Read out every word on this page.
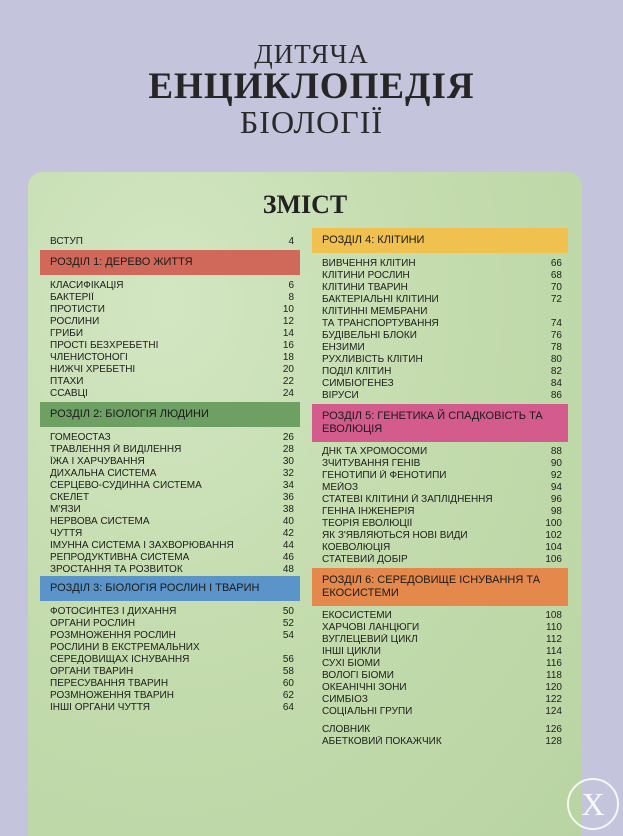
ДИТЯЧА
ЕНЦИКЛОПЕДІЯ
БІОЛОГІЇ
ЗМІСТ
ВСТУП	4
РОЗДІЛ 1: ДЕРЕВО ЖИТТЯ
КЛАСИФІКАЦІЯ	6
БАКТЕРІЇ	8
ПРОТИСТИ	10
РОСЛИНИ	12
ГРИБИ	14
ПРОСТІ БЕЗХРЕБЕТНІ	16
ЧЛЕНИСТОНОГІ	18
НИЖЧІ ХРЕБЕТНІ	20
ПТАХИ	22
ССАВЦІ	24
РОЗДІЛ 2: БІОЛОГІЯ ЛЮДИНИ
ГОМЕОСТАЗ	26
ТРАВЛЕННЯ Й ВИДІЛЕННЯ	28
ЇЖА І ХАРЧУВАННЯ	30
ДИХАЛЬНА СИСТЕМА	32
СЕРЦЕВО-СУДИННА СИСТЕМА	34
СКЕЛЕТ	36
М'ЯЗИ	38
НЕРВОВА СИСТЕМА	40
ЧУТТЯ	42
ІМУННА СИСТЕМА І ЗАХВОРЮВАННЯ	44
РЕПРОДУКТИВНА СИСТЕМА	46
ЗРОСТАННЯ ТА РОЗВИТОК	48
РОЗДІЛ 3: БІОЛОГІЯ РОСЛИН І ТВАРИН
ФОТОСИНТЕЗ І ДИХАННЯ	50
ОРГАНИ РОСЛИН	52
РОЗМНОЖЕННЯ РОСЛИН	54
РОСЛИНИ В ЕКСТРЕМАЛЬНИХ
СЕРЕДОВИЩАХ ІСНУВАННЯ	56
ОРГАНИ ТВАРИН	58
ПЕРЕСУВАННЯ ТВАРИН	60
РОЗМНОЖЕННЯ ТВАРИН	62
ІНШІ ОРГАНИ ЧУТТЯ	64
РОЗДІЛ 4: КЛІТИНИ
ВИВЧЕННЯ КЛІТИН	66
КЛІТИНИ РОСЛИН	68
КЛІТИНИ ТВАРИН	70
БАКТЕРІАЛЬНІ КЛІТИНИ	72
КЛІТИННІ МЕМБРАНИ
ТА ТРАНСПОРТУВАННЯ	74
БУДІВЕЛЬНІ БЛОКИ	76
ЕНЗИМИ	78
РУХЛИВІСТЬ КЛІТИН	80
ПОДІЛ КЛІТИН	82
СИМБІОГЕНЕЗ	84
ВІРУСИ	86
РОЗДІЛ 5: ГЕНЕТИКА Й СПАДКОВІСТЬ ТА ЕВОЛЮЦІЯ
ДНК ТА ХРОМОСОМИ	88
ЗЧИТУВАННЯ ГЕНІВ	90
ГЕНОТИПИ Й ФЕНОТИПИ	92
МЕЙОЗ	94
СТАТЕВІ КЛІТИНИ Й ЗАПЛІДНЕННЯ	96
ГЕННА ІНЖЕНЕРІЯ	98
ТЕОРІЯ ЕВОЛЮЦІЇ	100
ЯК З'ЯВЛЯЮТЬСЯ НОВІ ВИДИ	102
КОЕВОЛЮЦІЯ	104
СТАТЕВИЙ ДОБІР	106
РОЗДІЛ 6: СЕРЕДОВИЩЕ ІСНУВАННЯ ТА ЕКОСИСТЕМИ
ЕКОСИСТЕМИ	108
ХАРЧОВІ ЛАНЦЮГИ	110
ВУГЛЕЦЕВИЙ ЦИКЛ	112
ІНШІ ЦИКЛИ	114
СУХІ БІОМИ	116
ВОЛОГІ БІОМИ	118
ОКЕАНІЧНІ ЗОНИ	120
СИМБІОЗ	122
СОЦІАЛЬНІ ГРУПИ	124
СЛОВНИК	126
АБЕТКОВИЙ ПОКАЖЧИК	128
X
